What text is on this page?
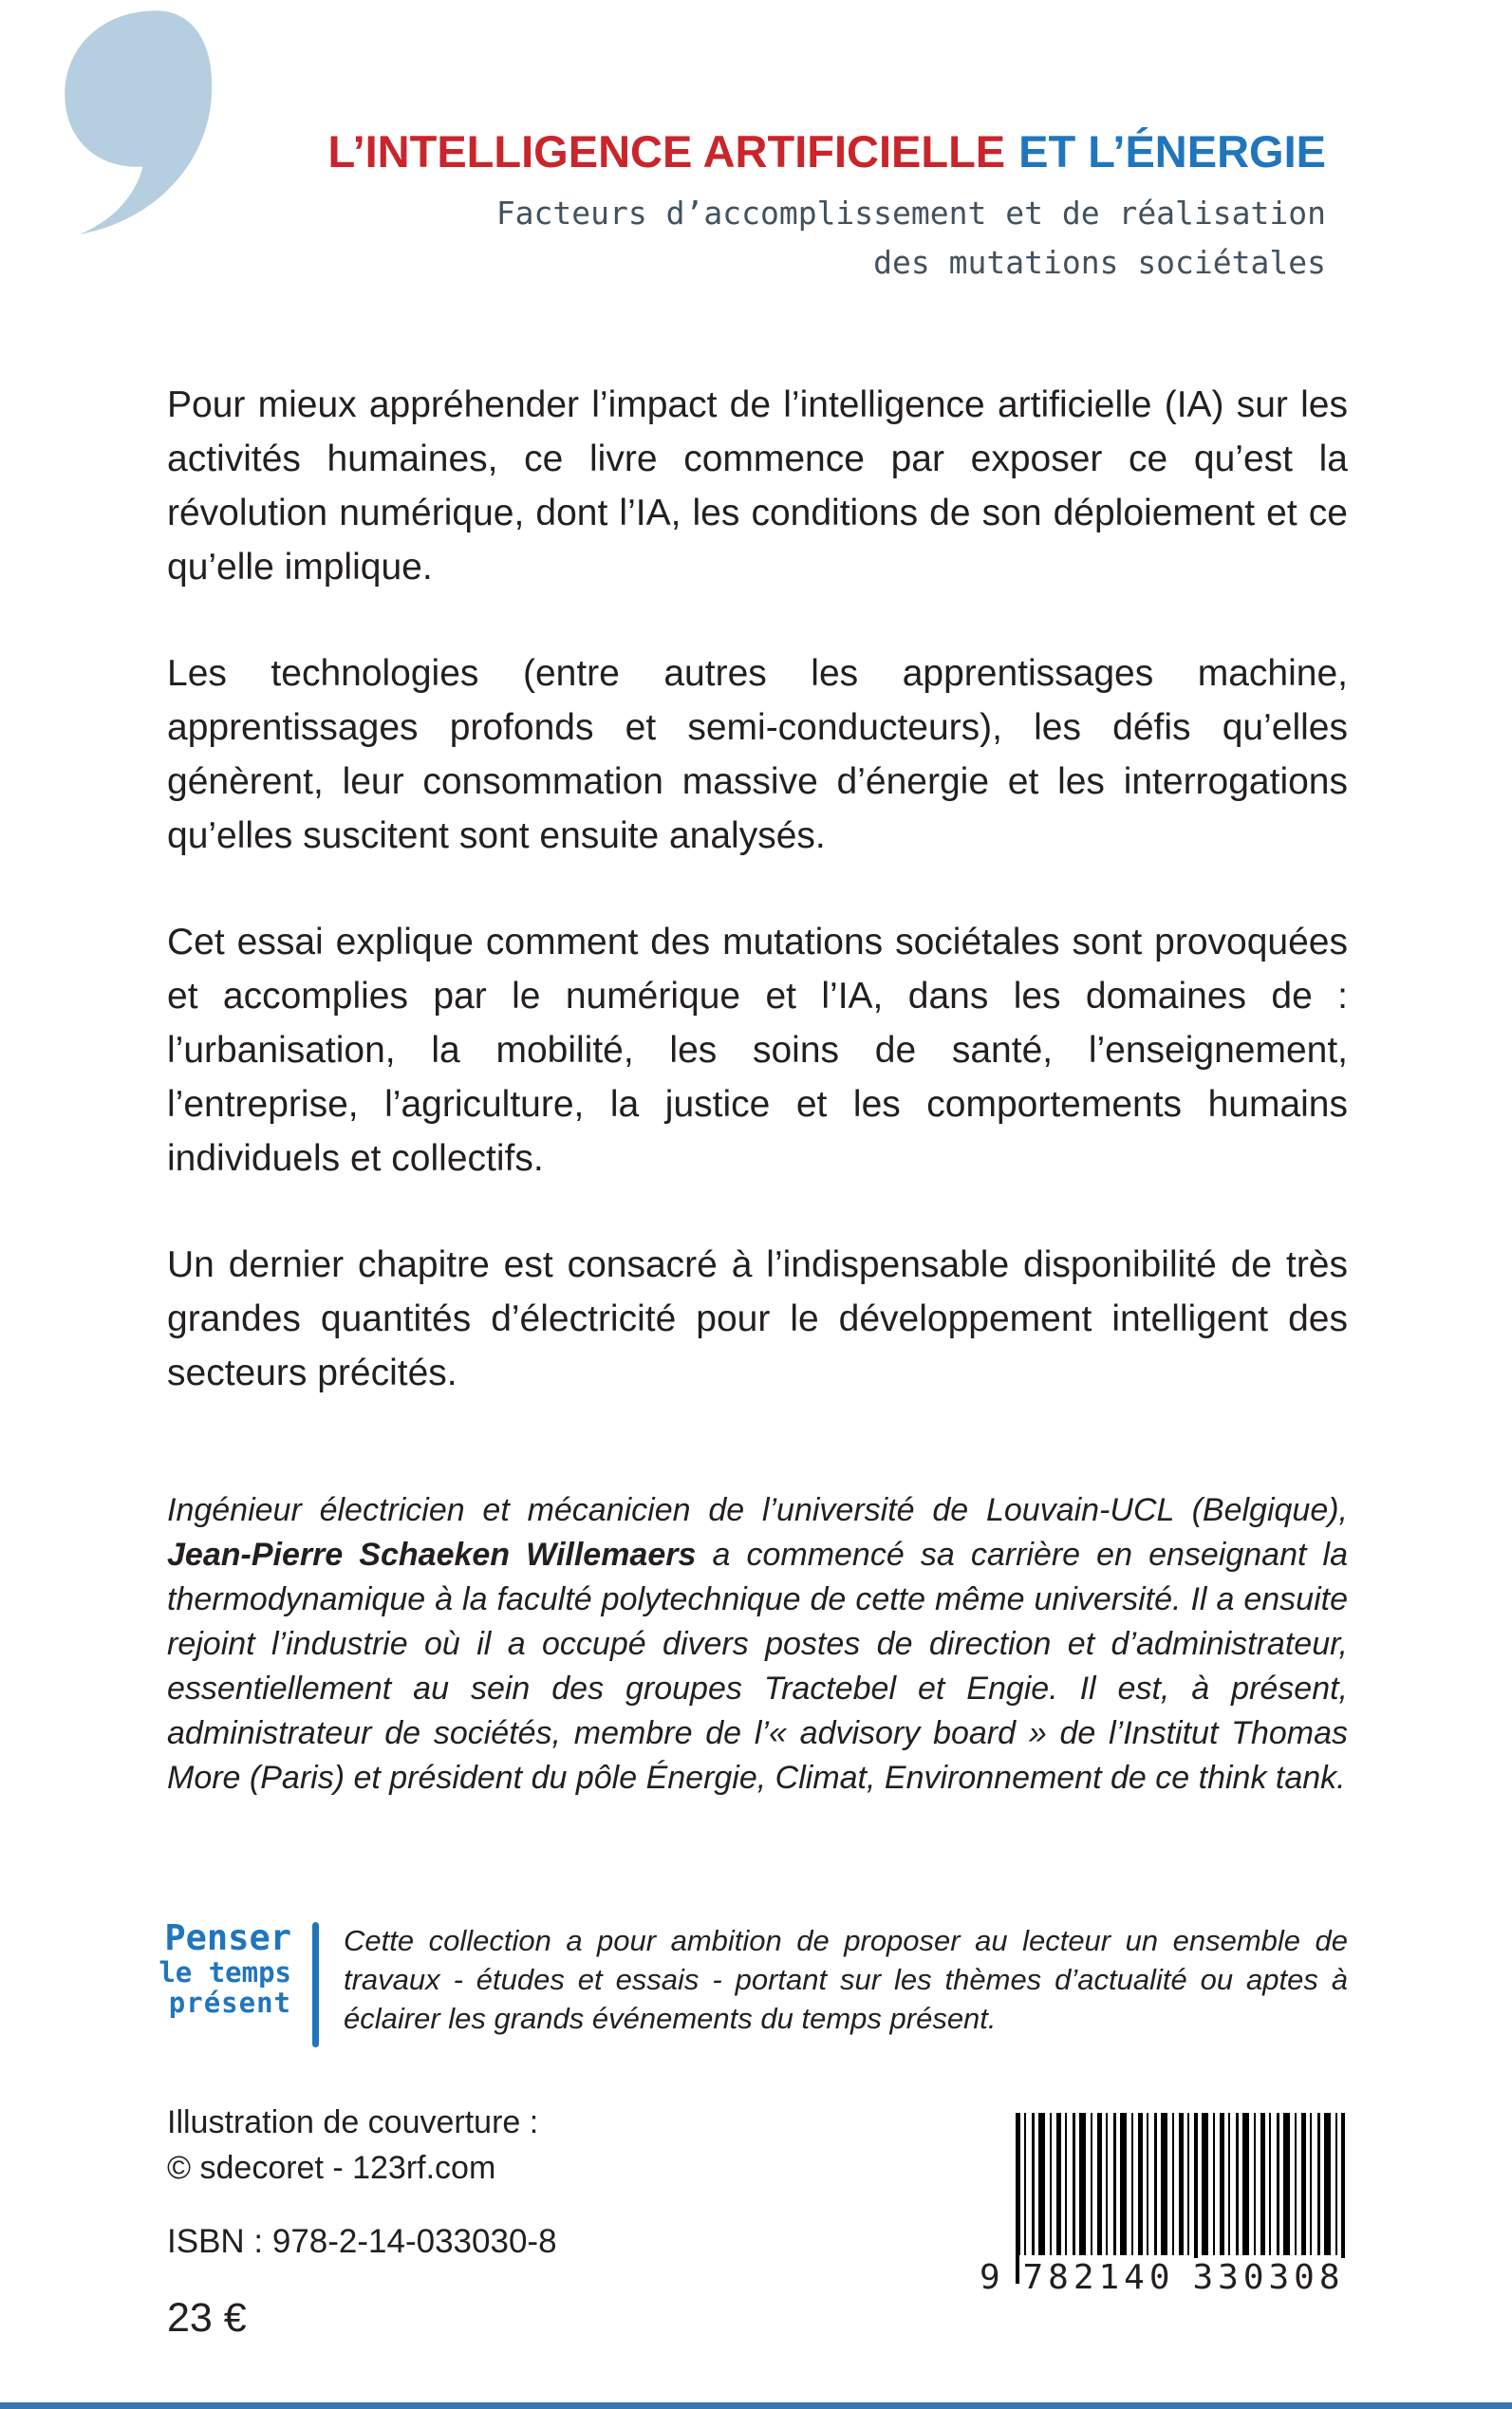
L’INTELLIGENCE ARTIFICIELLE ET L’ÉNERGIE
Facteurs d’accomplissement et de réalisation
des mutations sociétales

Pour mieux appréhender l’impact de l’intelligence artificielle (IA) sur les activités humaines, ce livre commence par exposer ce qu’est la révolution numérique, dont l’IA, les conditions de son déploiement et ce qu’elle implique.

Les technologies (entre autres les apprentissages machine, apprentissages profonds et semi-conducteurs), les défis qu’elles génèrent, leur consommation massive d’énergie et les interrogations qu’elles suscitent sont ensuite analysés.

Cet essai explique comment des mutations sociétales sont provoquées et accomplies par le numérique et l’IA, dans les domaines de : l’urbanisation, la mobilité, les soins de santé, l’enseignement, l’entreprise, l’agriculture, la justice et les comportements humains individuels et collectifs.

Un dernier chapitre est consacré à l’indispensable disponibilité de très grandes quantités d’électricité pour le développement intelligent des secteurs précités.

Ingénieur électricien et mécanicien de l’université de Louvain-UCL (Belgique), Jean-Pierre Schaeken Willemaers a commencé sa carrière en enseignant la thermodynamique à la faculté polytechnique de cette même université. Il a ensuite rejoint l’industrie où il a occupé divers postes de direction et d’administrateur, essentiellement au sein des groupes Tractebel et Engie. Il est, à présent, administrateur de sociétés, membre de l’« advisory board » de l’Institut Thomas More (Paris) et président du pôle Énergie, Climat, Environnement de ce think tank.
Penser
le temps
présent

Cette collection a pour ambition de proposer au lecteur un ensemble de travaux - études et essais - portant sur les thèmes d’actualité ou aptes à éclairer les grands événements du temps présent.

Illustration de couverture :
© sdecoret - 123rf.com
ISBN : 978-2-14-033030-8
23 €
9 782140 330308
